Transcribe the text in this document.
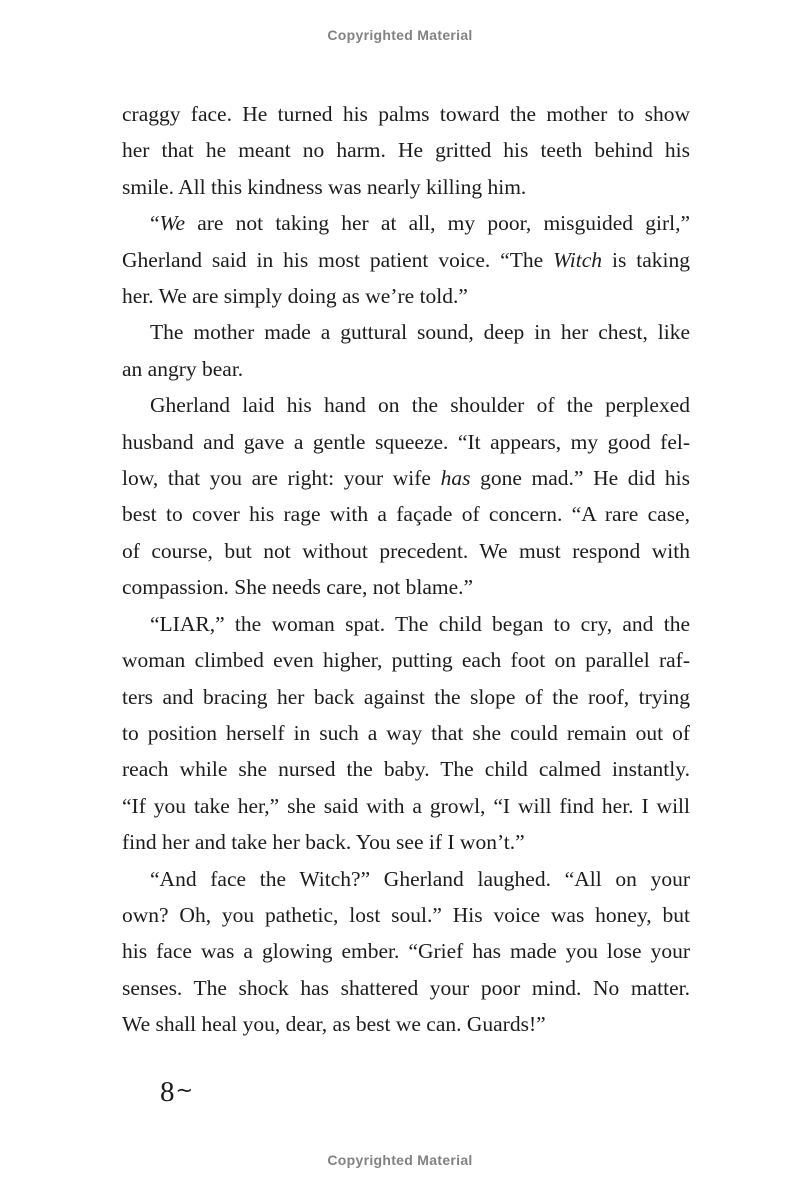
Copyrighted Material
craggy face. He turned his palms toward the mother to show
her that he meant no harm. He gritted his teeth behind his
smile. All this kindness was nearly killing him.
“We are not taking her at all, my poor, misguided girl,”
Gherland said in his most patient voice. “The Witch is taking
her. We are simply doing as we’re told.”
The mother made a guttural sound, deep in her chest, like
an angry bear.
Gherland laid his hand on the shoulder of the perplexed
husband and gave a gentle squeeze. “It appears, my good fel-
low, that you are right: your wife has gone mad.” He did his
best to cover his rage with a façade of concern. “A rare case,
of course, but not without precedent. We must respond with
compassion. She needs care, not blame.”
“LIAR,” the woman spat. The child began to cry, and the
woman climbed even higher, putting each foot on parallel raf-
ters and bracing her back against the slope of the roof, trying
to position herself in such a way that she could remain out of
reach while she nursed the baby. The child calmed instantly.
“If you take her,” she said with a growl, “I will find her. I will
find her and take her back. You see if I won’t.”
“And face the Witch?” Gherland laughed. “All on your
own? Oh, you pathetic, lost soul.” His voice was honey, but
his face was a glowing ember. “Grief has made you lose your
senses. The shock has shattered your poor mind. No matter.
We shall heal you, dear, as best we can. Guards!”
8∼
Copyrighted Material
